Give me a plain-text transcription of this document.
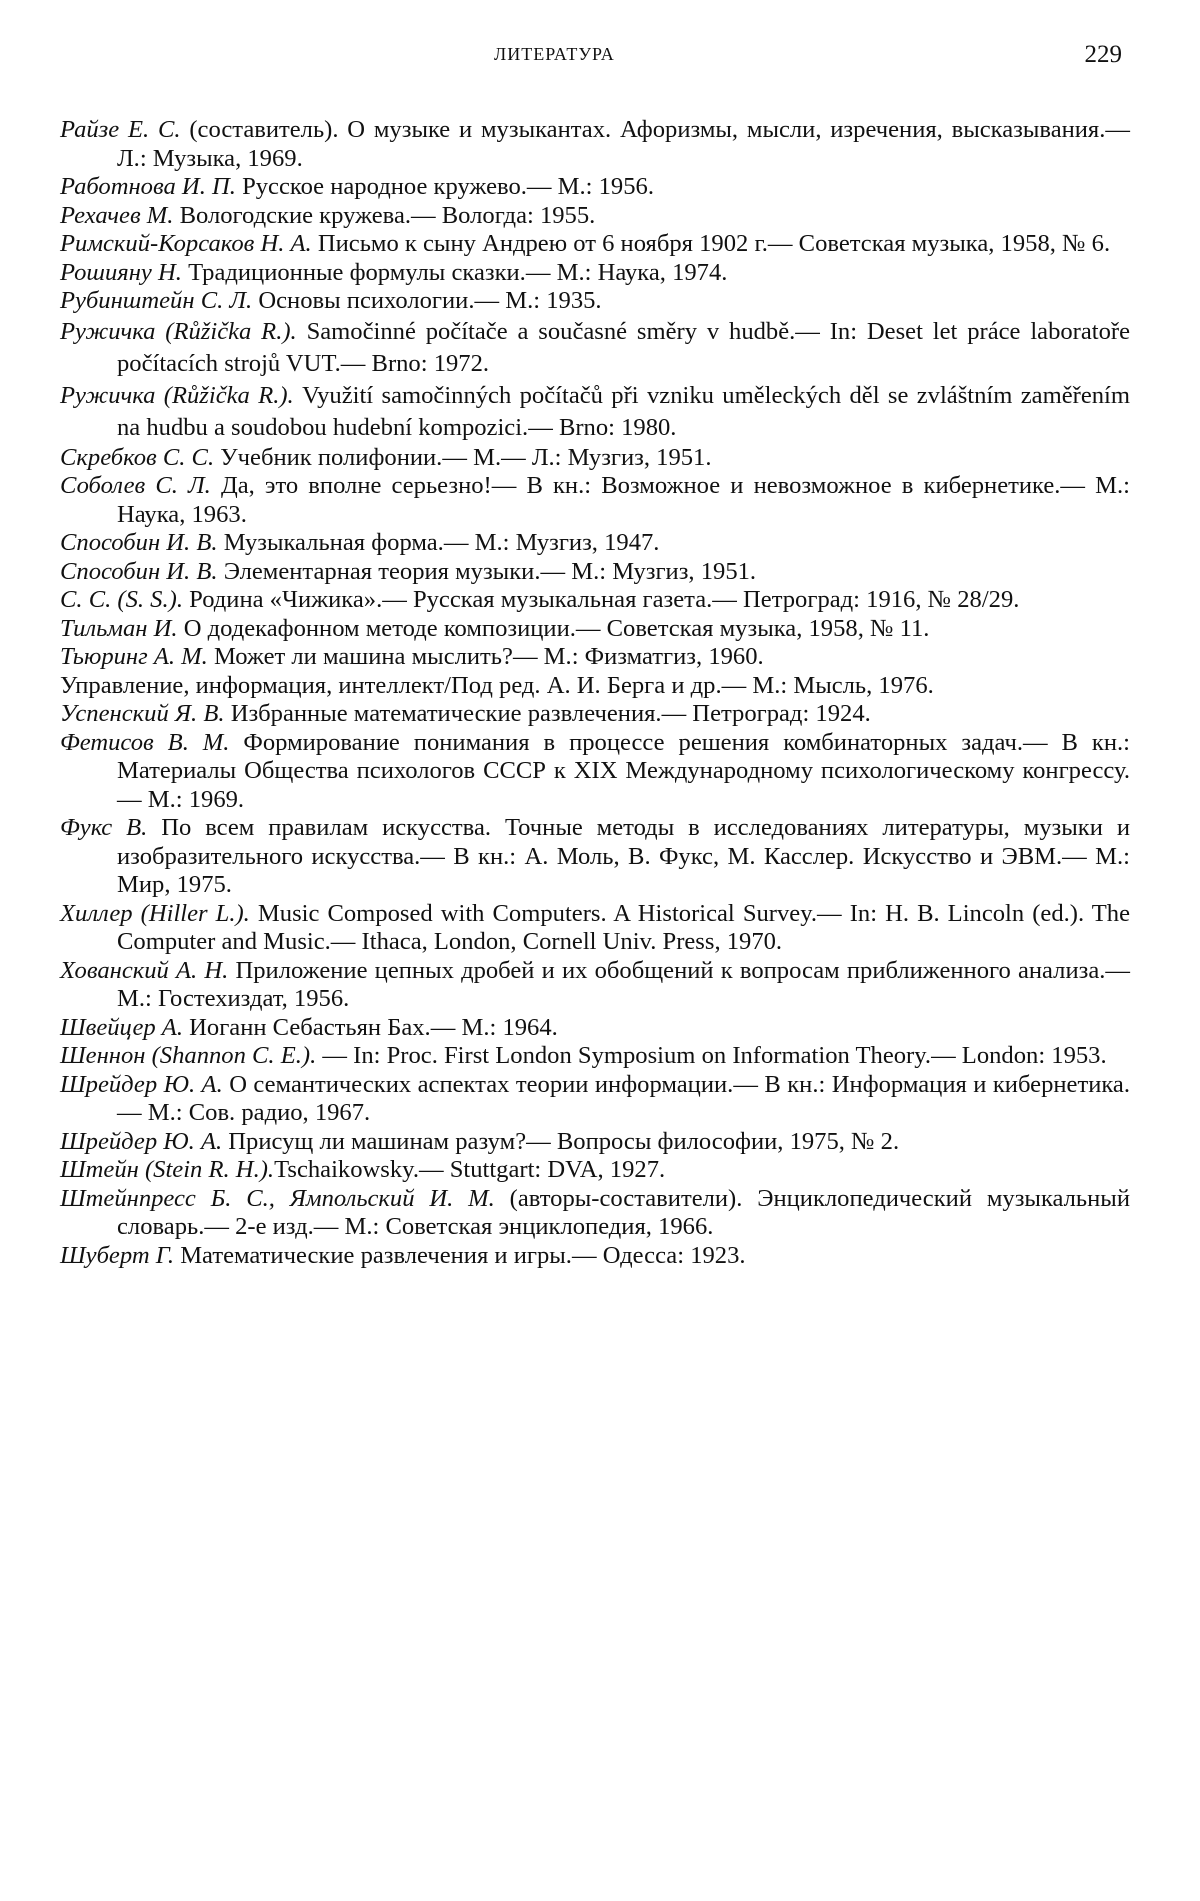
ЛИТЕРАТУРА	229

Райзе Е. С. (составитель). О музыке и музыкантах. Афоризмы, мысли, изречения, высказывания.— Л.: Музыка, 1969.

Работнова И. П. Русское народное кружево.— М.: 1956.

Рехачев М. Вологодские кружева.— Вологда: 1955.

Римский-Корсаков Н. А. Письмо к сыну Андрею от 6 ноября 1902 г.— Советская музыка, 1958, № 6.

Рошияну Н. Традиционные формулы сказки.— М.: Наука, 1974.

Рубинштейн С. Л. Основы психологии.— М.: 1935.

Ружичка (Růžička R.). Samočinné počítače a současné směry v hudbě.— In: Deset let práce laboratoře počítacích strojů VUT.— Brno: 1972.

Ружичка (Růžička R.). Využití samočinných počítačů při vzniku uměleckých děl se zvláštním zaměřením na hudbu a soudobou hudební kompozici.— Brno: 1980.

Скребков С. С. Учебник полифонии.— М.— Л.: Музгиз, 1951.

Соболев С. Л. Да, это вполне серьезно!— В кн.: Возможное и невозможное в кибернетике.— М.: Наука, 1963.

Способин И. В. Музыкальная форма.— М.: Музгиз, 1947.

Способин И. В. Элементарная теория музыки.— М.: Музгиз, 1951.

С. С. (S. S.). Родина «Чижика».— Русская музыкальная газета.— Петроград: 1916, № 28/29.

Тильман И. О додекафонном методе композиции.— Советская музыка, 1958, № 11.

Тьюринг А. М. Может ли машина мыслить?— М.: Физматгиз, 1960.

Управление, информация, интеллект/Под ред. А. И. Берга и др.— М.: Мысль, 1976.

Успенский Я. В. Избранные математические развлечения.— Петроград: 1924.

Фетисов В. М. Формирование понимания в процессе решения комбинаторных задач.— В кн.: Материалы Общества психологов СССР к XIX Международному психологическому конгрессу.— М.: 1969.

Фукс В. По всем правилам искусства. Точные методы в исследованиях литературы, музыки и изобразительного искусства.— В кн.: А. Моль, В. Фукс, М. Касслер. Искусство и ЭВМ.— М.: Мир, 1975.

Хиллер (Hiller L.). Music Composed with Computers. A Historical Survey.— In: H. B. Lincoln (ed.). The Computer and Music.— Ithaca, London, Cornell Univ. Press, 1970.

Хованский А. Н. Приложение цепных дробей и их обобщений к вопросам приближенного анализа.— М.: Гостехиздат, 1956.

Швейцер А. Иоганн Себастьян Бах.— М.: 1964.

Шеннон (Shannon C. E.). — In: Proc. First London Symposium on Information Theory.— London: 1953.

Шрейдер Ю. А. О семантических аспектах теории информации.— В кн.: Информация и кибернетика.— М.: Сов. радио, 1967.

Шрейдер Ю. А. Присущ ли машинам разум?— Вопросы философии, 1975, № 2.

Штейн (Stein R. H.).Tschaikowsky.— Stuttgart: DVA, 1927.

Штейнпресс Б. С., Ямпольский И. М. (авторы-составители). Энциклопедический музыкальный словарь.— 2-е изд.— М.: Советская энциклопедия, 1966.

Шуберт Г. Математические развлечения и игры.— Одесса: 1923.
